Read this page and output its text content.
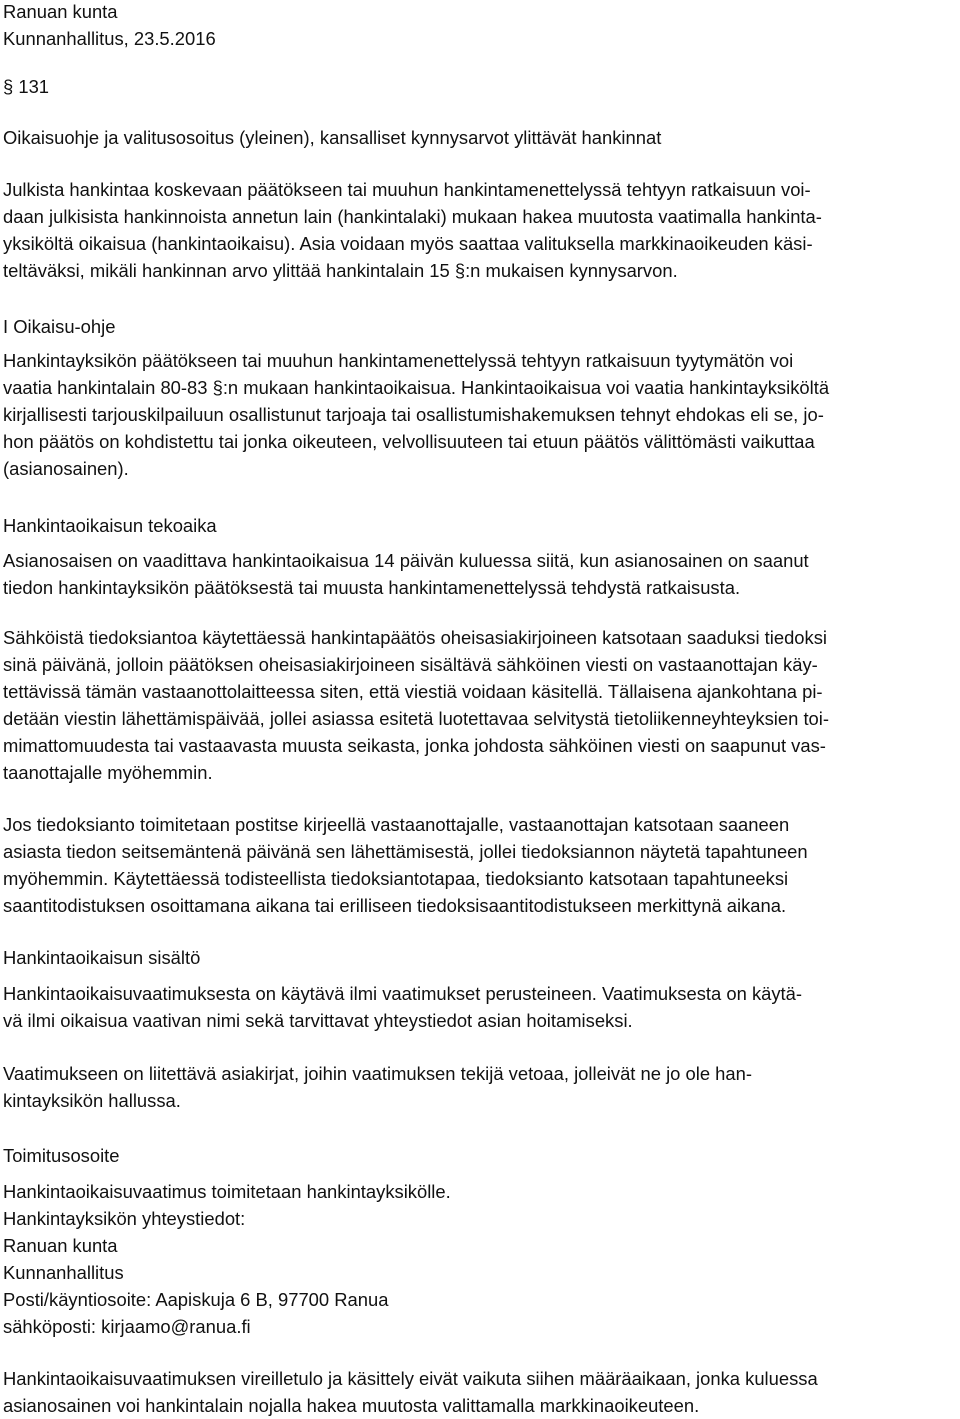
Ranuan kunta
Kunnanhallitus, 23.5.2016
§ 131
Oikaisuohje ja valitusosoitus (yleinen), kansalliset kynnysarvot ylittävät hankinnat
Julkista hankintaa koskevaan päätökseen tai muuhun hankintamenettelyssä tehtyyn ratkaisuun voi-
daan julkisista hankinnoista annetun lain (hankintalaki) mukaan hakea muutosta vaatimalla hankinta-
yksiköltä oikaisua (hankintaoikaisu). Asia voidaan myös saattaa valituksella markkinaoikeuden käsi-
teltäväksi, mikäli hankinnan arvo ylittää hankintalain 15 §:n mukaisen kynnysarvon.
I Oikaisu-ohje
Hankintayksikön päätökseen tai muuhun hankintamenettelyssä tehtyyn ratkaisuun tyytymätön voi
vaatia hankintalain 80-83 §:n mukaan hankintaoikaisua. Hankintaoikaisua voi vaatia hankintayksiköltä
kirjallisesti tarjouskilpailuun osallistunut tarjoaja tai osallistumishakemuksen tehnyt ehdokas eli se, jo-
hon päätös on kohdistettu tai jonka oikeuteen, velvollisuuteen tai etuun päätös välittömästi vaikuttaa
(asianosainen).
Hankintaoikaisun tekoaika
Asianosaisen on vaadittava hankintaoikaisua 14 päivän kuluessa siitä, kun asianosainen on saanut
tiedon hankintayksikön päätöksestä tai muusta hankintamenettelyssä tehdystä ratkaisusta.
Sähköistä tiedoksiantoa käytettäessä hankintapäätös oheisasiakirjoineen katsotaan saaduksi tiedoksi
sinä päivänä, jolloin päätöksen oheisasiakirjoineen sisältävä sähköinen viesti on vastaanottajan käy-
tettävissä tämän vastaanottolaitteessa siten, että viestiä voidaan käsitellä. Tällaisena ajankohtana pi-
detään viestin lähettämispäivää, jollei asiassa esitetä luotettavaa selvitystä tietoliikenneyhteyksien toi-
mimattomuudesta tai vastaavasta muusta seikasta, jonka johdosta sähköinen viesti on saapunut vas-
taanottajalle myöhemmin.
Jos tiedoksianto toimitetaan postitse kirjeellä vastaanottajalle, vastaanottajan katsotaan saaneen
asiasta tiedon seitsemäntenä päivänä sen lähettämisestä, jollei tiedoksiannon näytetä tapahtuneen
myöhemmin. Käytettäessä todisteellista tiedoksiantotapaa, tiedoksianto katsotaan tapahtuneeksi
saantitodistuksen osoittamana aikana tai erilliseen tiedoksisaantitodistukseen merkittynä aikana.
Hankintaoikaisun sisältö
Hankintaoikaisuvaatimuksesta on käytävä ilmi vaatimukset perusteineen. Vaatimuksesta on käytä-
vä ilmi oikaisua vaativan nimi sekä tarvittavat yhteystiedot asian hoitamiseksi.
Vaatimukseen on liitettävä asiakirjat, joihin vaatimuksen tekijä vetoaa, jolleivät ne jo ole han-
kintayksikön hallussa.
Toimitusosoite
Hankintaoikaisuvaatimus toimitetaan hankintayksikölle.
Hankintayksikön yhteystiedot:
Ranuan kunta
Kunnanhallitus
Posti/käyntiosoite: Aapiskuja 6 B, 97700 Ranua
sähköposti: kirjaamo@ranua.fi
Hankintaoikaisuvaatimuksen vireilletulo ja käsittely eivät vaikuta siihen määräaikaan, jonka kuluessa
asianosainen voi hankintalain nojalla hakea muutosta valittamalla markkinaoikeuteen.
